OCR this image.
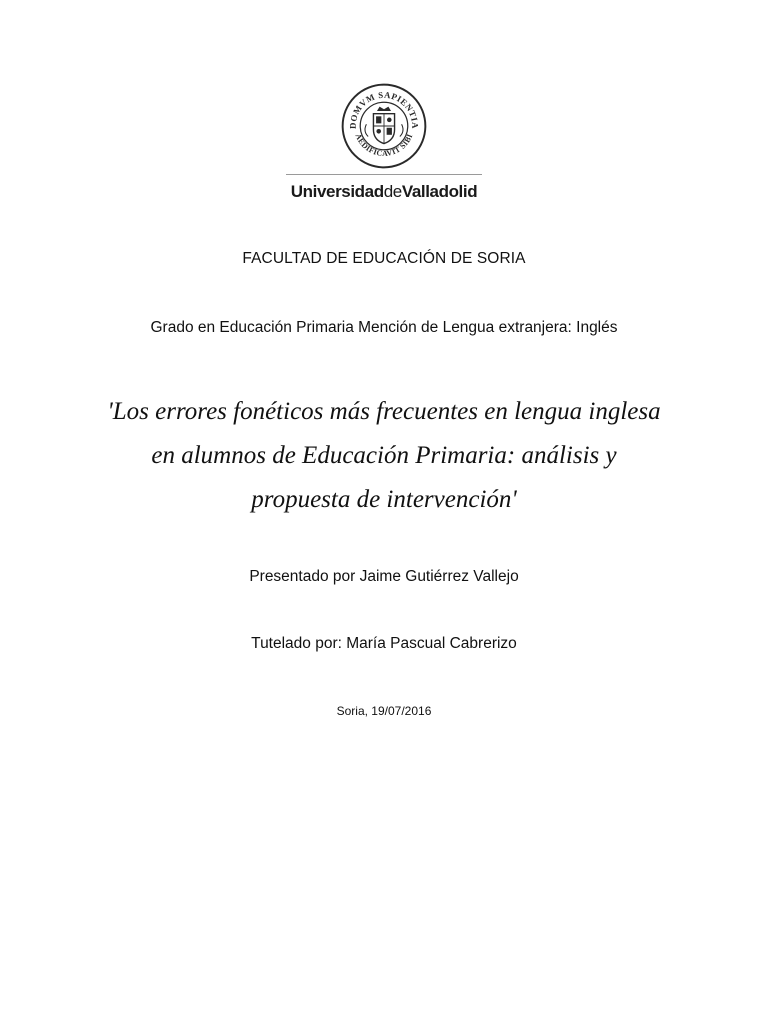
DOMVM SAPIENTIA
AEDIFICAVIT SIBI
UniversidaddeValladolid
FACULTAD DE EDUCACIÓN DE SORIA
Grado en Educación Primaria Mención de Lengua extranjera: Inglés
'Los errores fonéticos más frecuentes en lengua inglesa
en alumnos de Educación Primaria: análisis y
propuesta de intervención'
Presentado por Jaime Gutiérrez Vallejo
Tutelado por: María Pascual Cabrerizo
Soria, 19/07/2016
